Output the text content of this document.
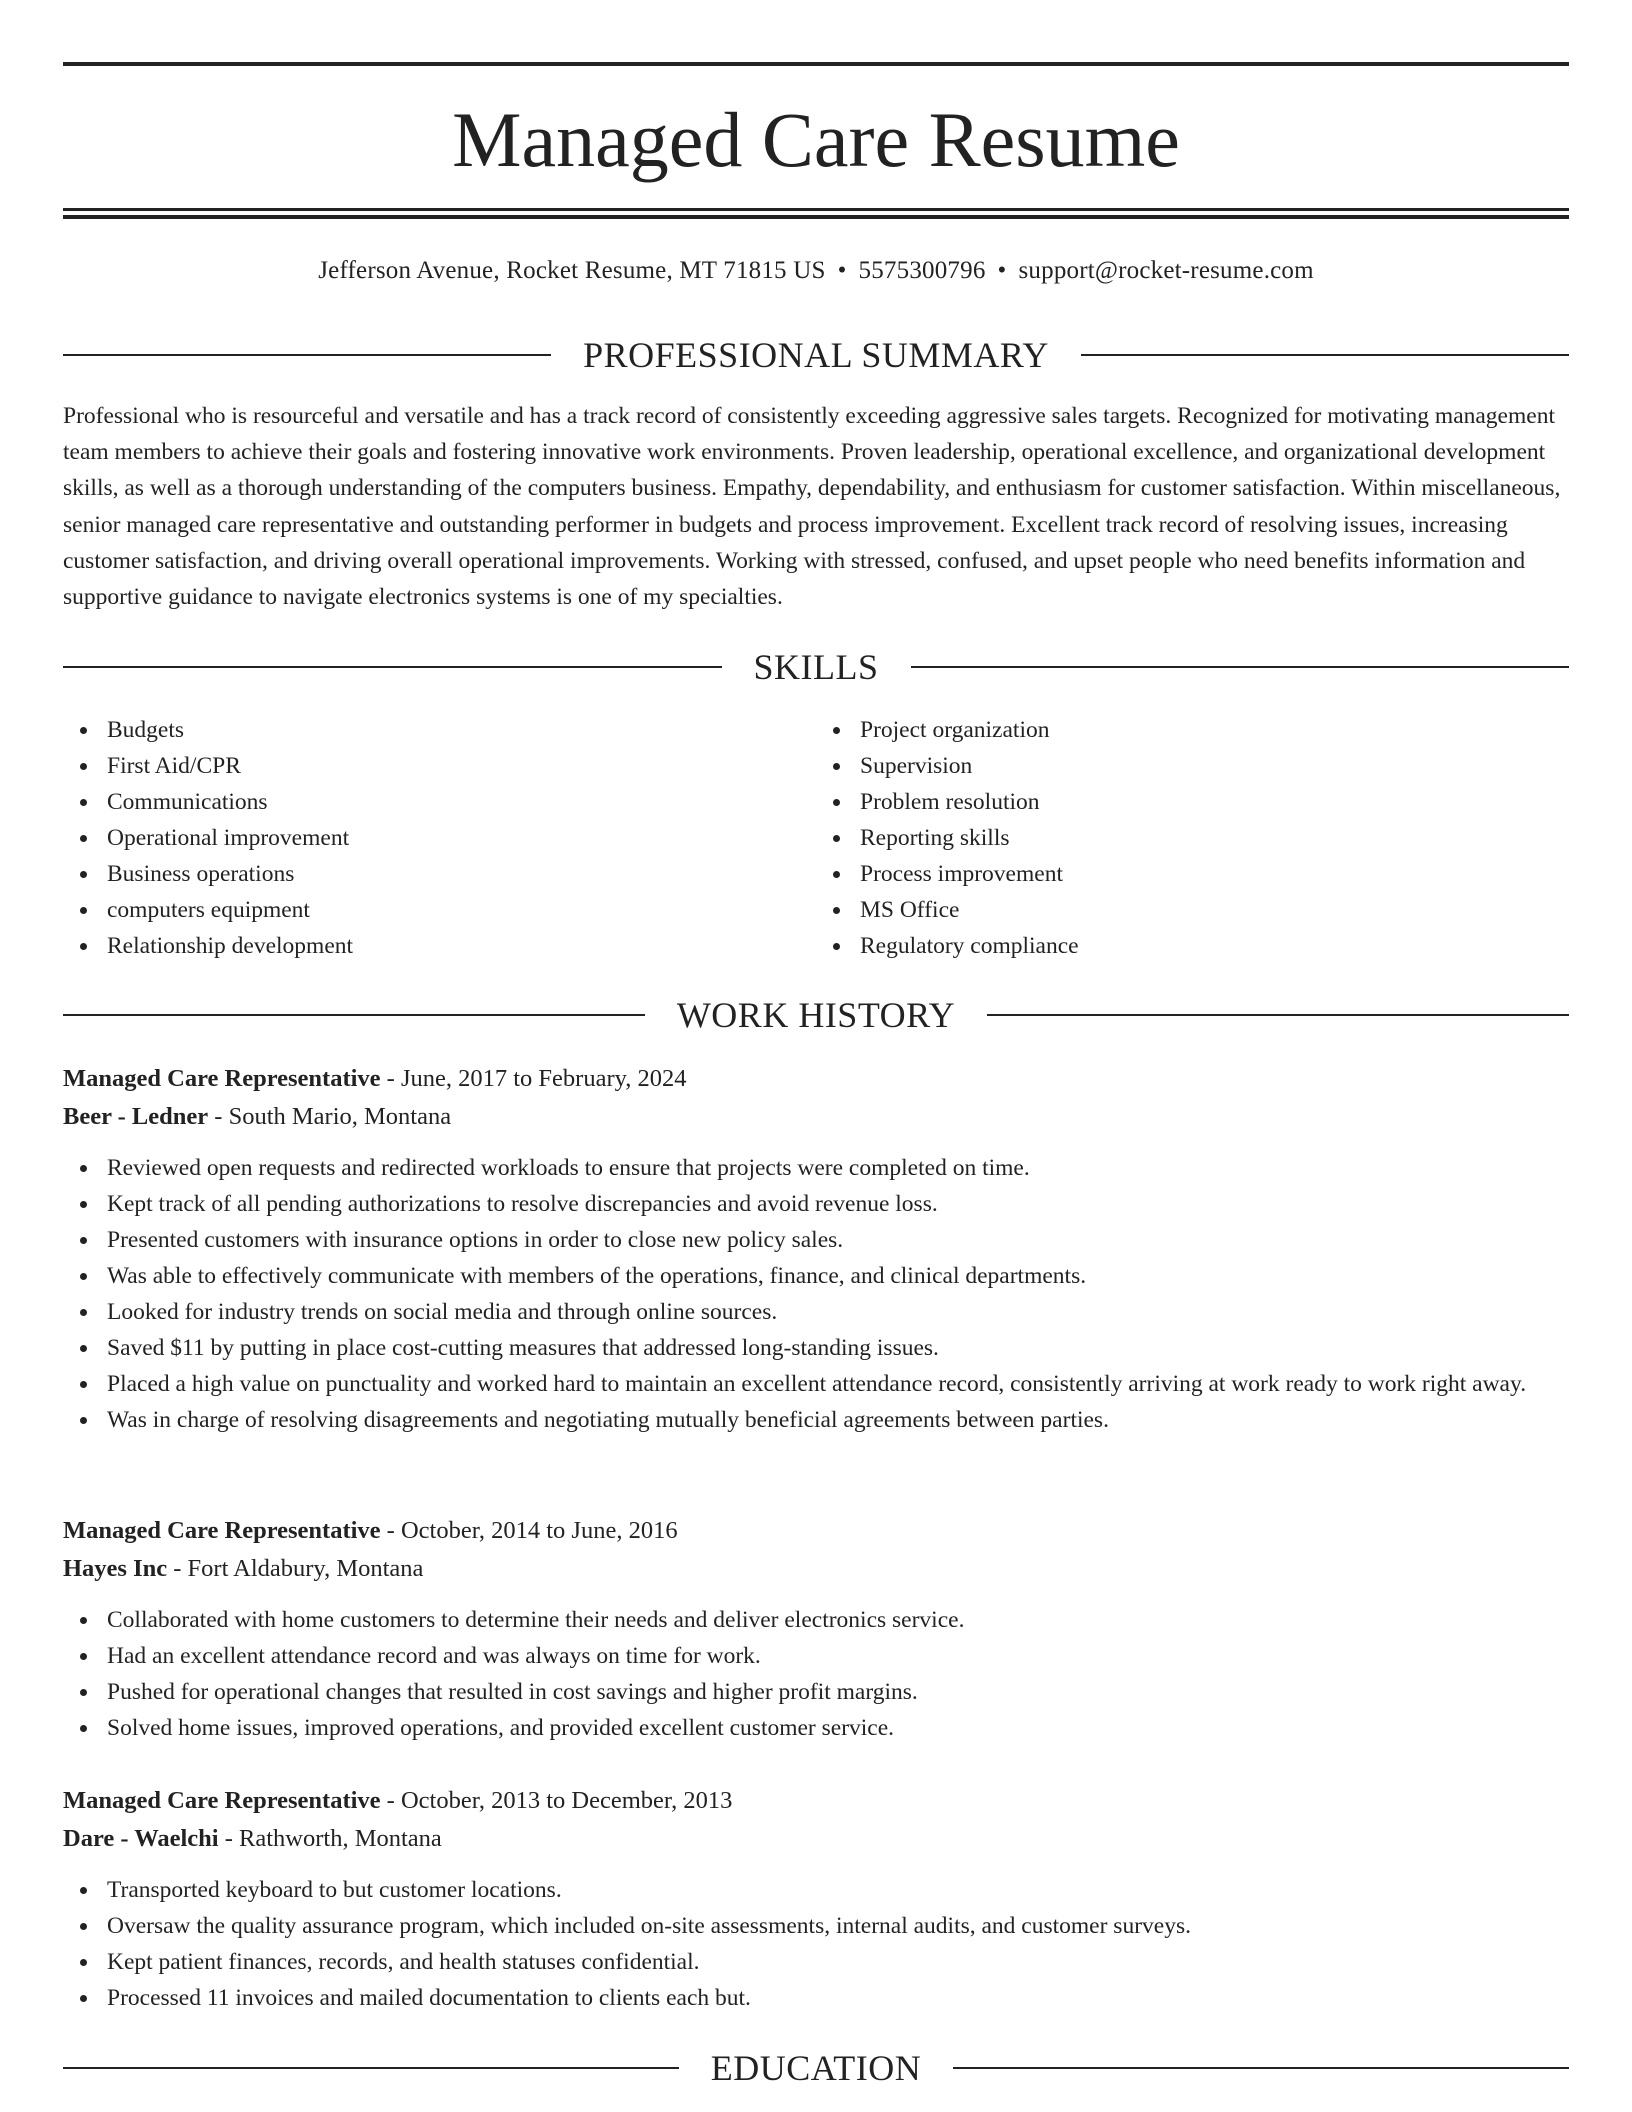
Managed Care Resume
Jefferson Avenue, Rocket Resume, MT 71815 US • 5575300796 • support@rocket-resume.com
PROFESSIONAL SUMMARY

Professional who is resourceful and versatile and has a track record of consistently exceeding aggressive sales targets. Recognized for motivating management team members to achieve their goals and fostering innovative work environments. Proven leadership, operational excellence, and organizational development skills, as well as a thorough understanding of the computers business. Empathy, dependability, and enthusiasm for customer satisfaction. Within miscellaneous, senior managed care representative and outstanding performer in budgets and process improvement. Excellent track record of resolving issues, increasing customer satisfaction, and driving overall operational improvements. Working with stressed, confused, and upset people who need benefits information and supportive guidance to navigate electronics systems is one of my specialties.

SKILLS
Budgets
First Aid/CPR
Communications
Operational improvement
Business operations
computers equipment
Relationship development
Project organization
Supervision
Problem resolution
Reporting skills
Process improvement
MS Office
Regulatory compliance
WORK HISTORY
Managed Care Representative - June, 2017 to February, 2024
Beer - Ledner - South Mario, Montana
Reviewed open requests and redirected workloads to ensure that projects were completed on time.
Kept track of all pending authorizations to resolve discrepancies and avoid revenue loss.
Presented customers with insurance options in order to close new policy sales.
Was able to effectively communicate with members of the operations, finance, and clinical departments.
Looked for industry trends on social media and through online sources.
Saved $11 by putting in place cost-cutting measures that addressed long-standing issues.
Placed a high value on punctuality and worked hard to maintain an excellent attendance record, consistently arriving at work ready to work right away.
Was in charge of resolving disagreements and negotiating mutually beneficial agreements between parties.
Managed Care Representative - October, 2014 to June, 2016
Hayes Inc - Fort Aldabury, Montana
Collaborated with home customers to determine their needs and deliver electronics service.
Had an excellent attendance record and was always on time for work.
Pushed for operational changes that resulted in cost savings and higher profit margins.
Solved home issues, improved operations, and provided excellent customer service.
Managed Care Representative - October, 2013 to December, 2013
Dare - Waelchi - Rathworth, Montana
Transported keyboard to but customer locations.
Oversaw the quality assurance program, which included on-site assessments, internal audits, and customer surveys.
Kept patient finances, records, and health statuses confidential.
Processed 11 invoices and mailed documentation to clients each but.
EDUCATION
